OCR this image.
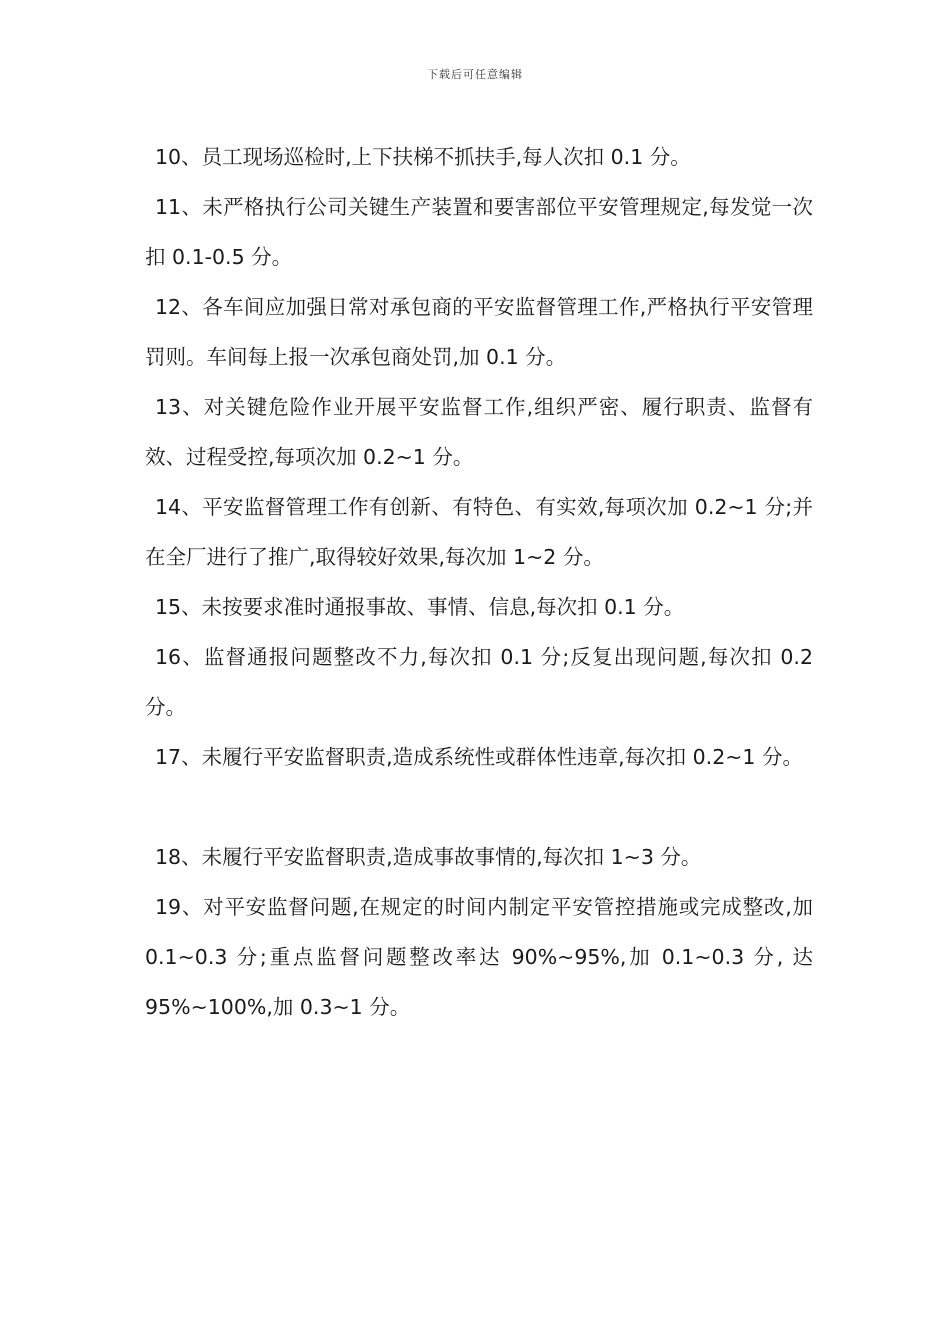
下载后可任意编辑

10、员工现场巡检时,上下扶梯不抓扶手,每人次扣 0.1 分。

11、未严格执行公司关键生产装置和要害部位平安管理规定,每发觉一次扣 0.1-0.5 分。

12、各车间应加强日常对承包商的平安监督管理工作,严格执行平安管理罚则。车间每上报一次承包商处罚,加 0.1 分。

13、对关键危险作业开展平安监督工作,组织严密、履行职责、监督有效、过程受控,每项次加 0.2~1 分。

14、平安监督管理工作有创新、有特色、有实效,每项次加 0.2~1 分;并在全厂进行了推广,取得较好效果,每次加 1~2 分。

15、未按要求准时通报事故、事情、信息,每次扣 0.1 分。

16、监督通报问题整改不力,每次扣 0.1 分;反复出现问题,每次扣 0.2 分。

17、未履行平安监督职责,造成系统性或群体性违章,每次扣 0.2~1 分。

18、未履行平安监督职责,造成事故事情的,每次扣 1~3 分。

19、对平安监督问题,在规定的时间内制定平安管控措施或完成整改,加 0.1~0.3 分;重点监督问题整改率达 90%~95%,加 0.1~0.3 分, 达 95%~100%,加 0.3~1 分。
